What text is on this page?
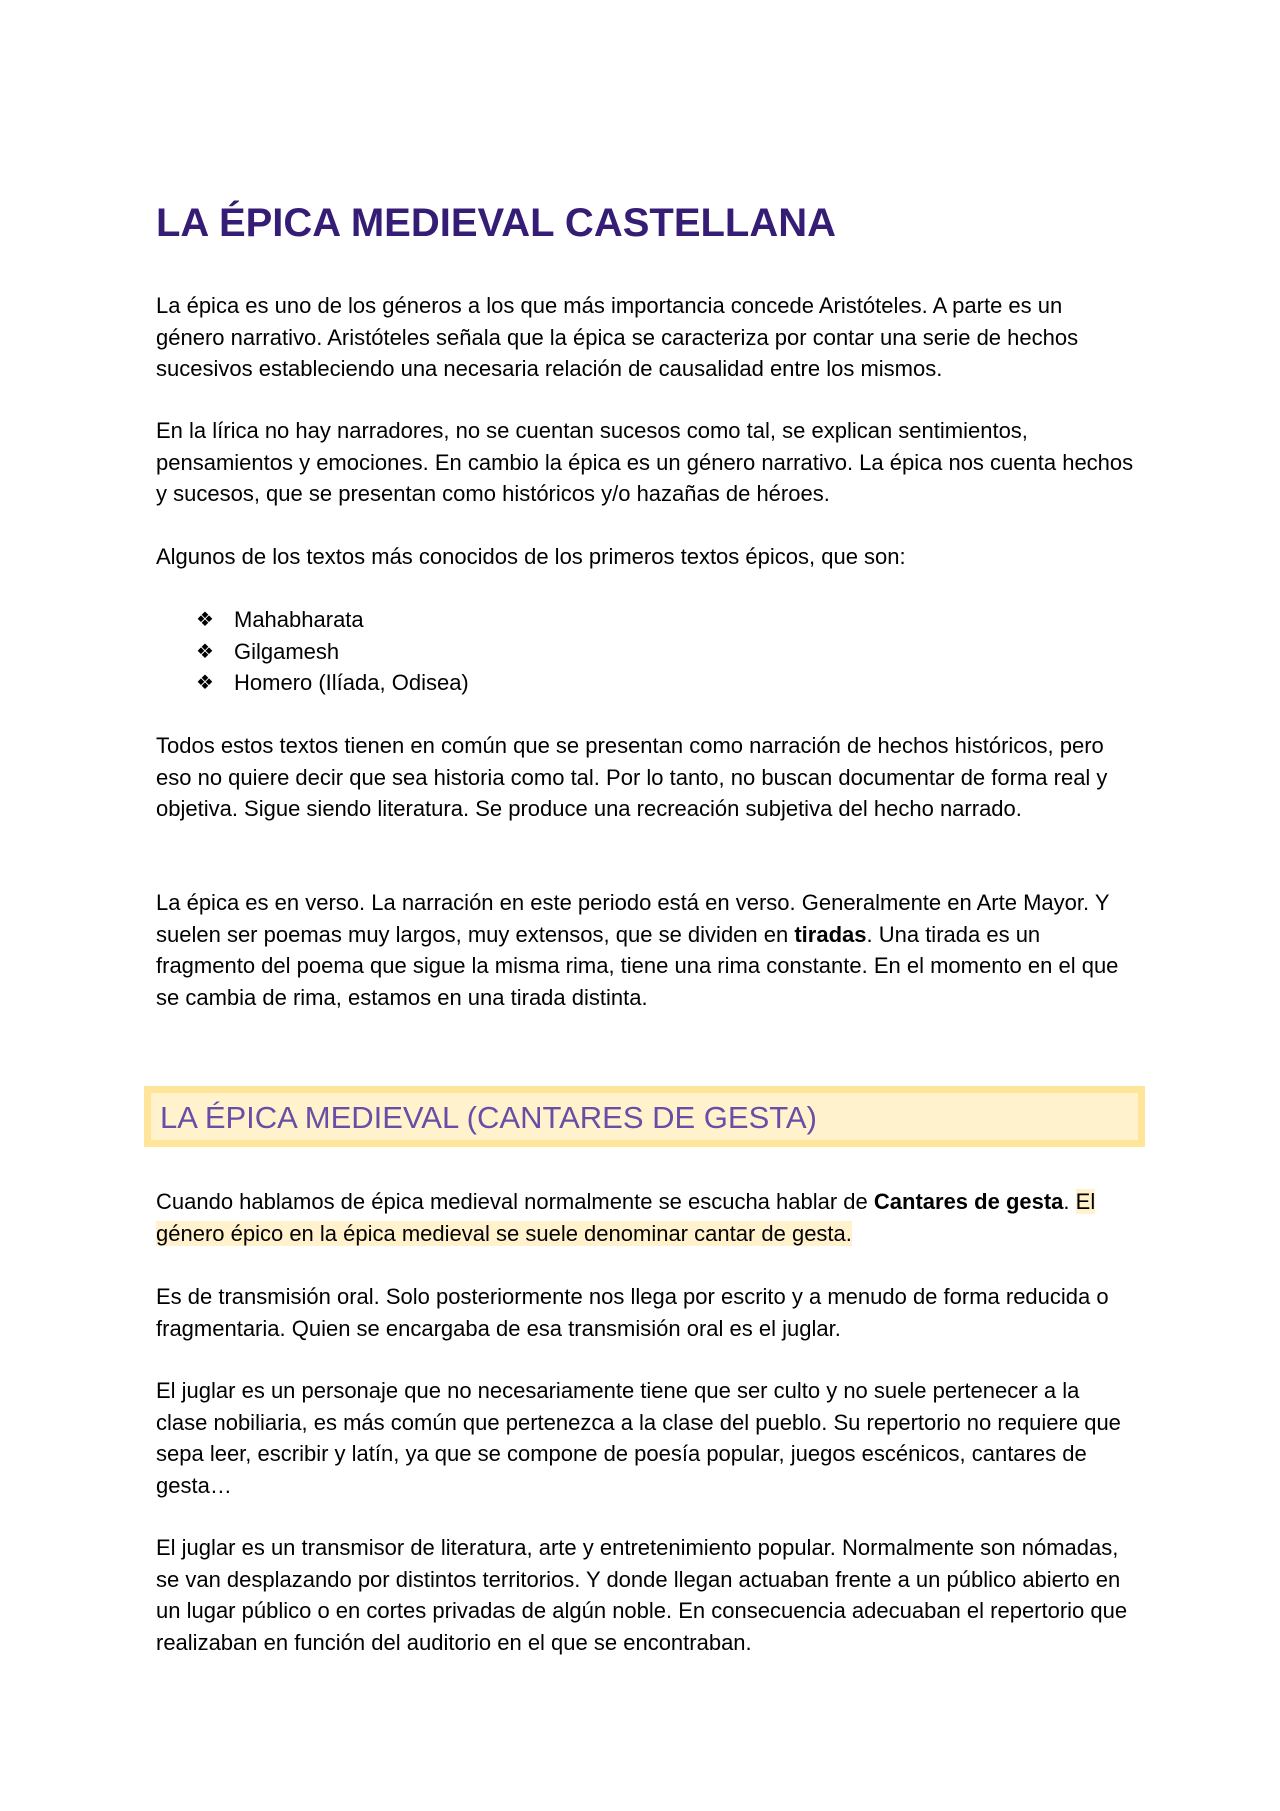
LA ÉPICA MEDIEVAL CASTELLANA

La épica es uno de los géneros a los que más importancia concede Aristóteles. A parte es un género narrativo. Aristóteles señala que la épica se caracteriza por contar una serie de hechos sucesivos estableciendo una necesaria relación de causalidad entre los mismos.

En la lírica no hay narradores, no se cuentan sucesos como tal, se explican sentimientos, pensamientos y emociones. En cambio la épica es un género narrativo. La épica nos cuenta hechos y sucesos, que se presentan como históricos y/o hazañas de héroes.

Algunos de los textos más conocidos de los primeros textos épicos, que son:

❖ Mahabharata
❖ Gilgamesh
❖ Homero (Ilíada, Odisea)

Todos estos textos tienen en común que se presentan como narración de hechos históricos, pero eso no quiere decir que sea historia como tal. Por lo tanto, no buscan documentar de forma real y objetiva. Sigue siendo literatura. Se produce una recreación subjetiva del hecho narrado.

La épica es en verso. La narración en este periodo está en verso. Generalmente en Arte Mayor. Y suelen ser poemas muy largos, muy extensos, que se dividen en tiradas. Una tirada es un fragmento del poema que sigue la misma rima, tiene una rima constante. En el momento en el que se cambia de rima, estamos en una tirada distinta.

LA ÉPICA MEDIEVAL (CANTARES DE GESTA)

Cuando hablamos de épica medieval normalmente se escucha hablar de Cantares de gesta. El género épico en la épica medieval se suele denominar cantar de gesta.

Es de transmisión oral. Solo posteriormente nos llega por escrito y a menudo de forma reducida o fragmentaria. Quien se encargaba de esa transmisión oral es el juglar.

El juglar es un personaje que no necesariamente tiene que ser culto y no suele pertenecer a la clase nobiliaria, es más común que pertenezca a la clase del pueblo. Su repertorio no requiere que sepa leer, escribir y latín, ya que se compone de poesía popular, juegos escénicos, cantares de gesta…

El juglar es un transmisor de literatura, arte y entretenimiento popular. Normalmente son nómadas, se van desplazando por distintos territorios. Y donde llegan actuaban frente a un público abierto en un lugar público o en cortes privadas de algún noble. En consecuencia adecuaban el repertorio que realizaban en función del auditorio en el que se encontraban.
